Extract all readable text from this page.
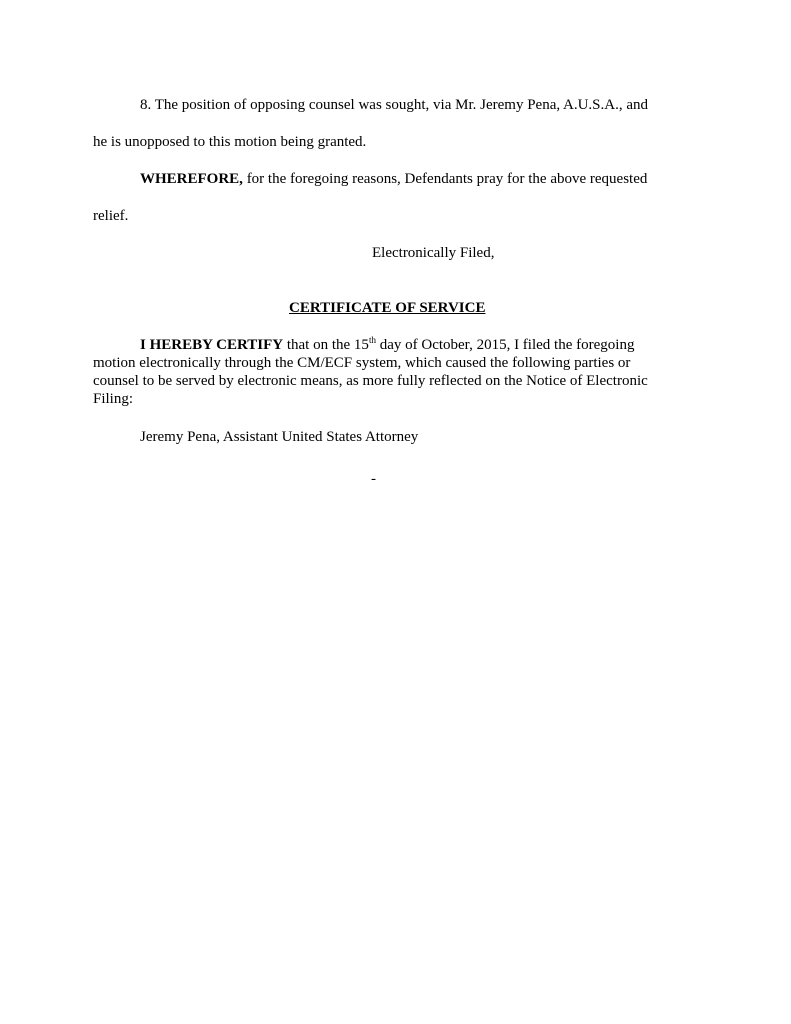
8. The position of opposing counsel was sought, via Mr. Jeremy Pena, A.U.S.A., and
he is unopposed to this motion being granted.
WHEREFORE, for the foregoing reasons, Defendants pray for the above requested
relief.
Electronically Filed,
CERTIFICATE OF SERVICE
I HEREBY CERTIFY that on the 15th day of October, 2015, I filed the foregoing
motion electronically through the CM/ECF system, which caused the following parties or
counsel to be served by electronic means, as more fully reflected on the Notice of Electronic
Filing:
Jeremy Pena, Assistant United States Attorney
-
